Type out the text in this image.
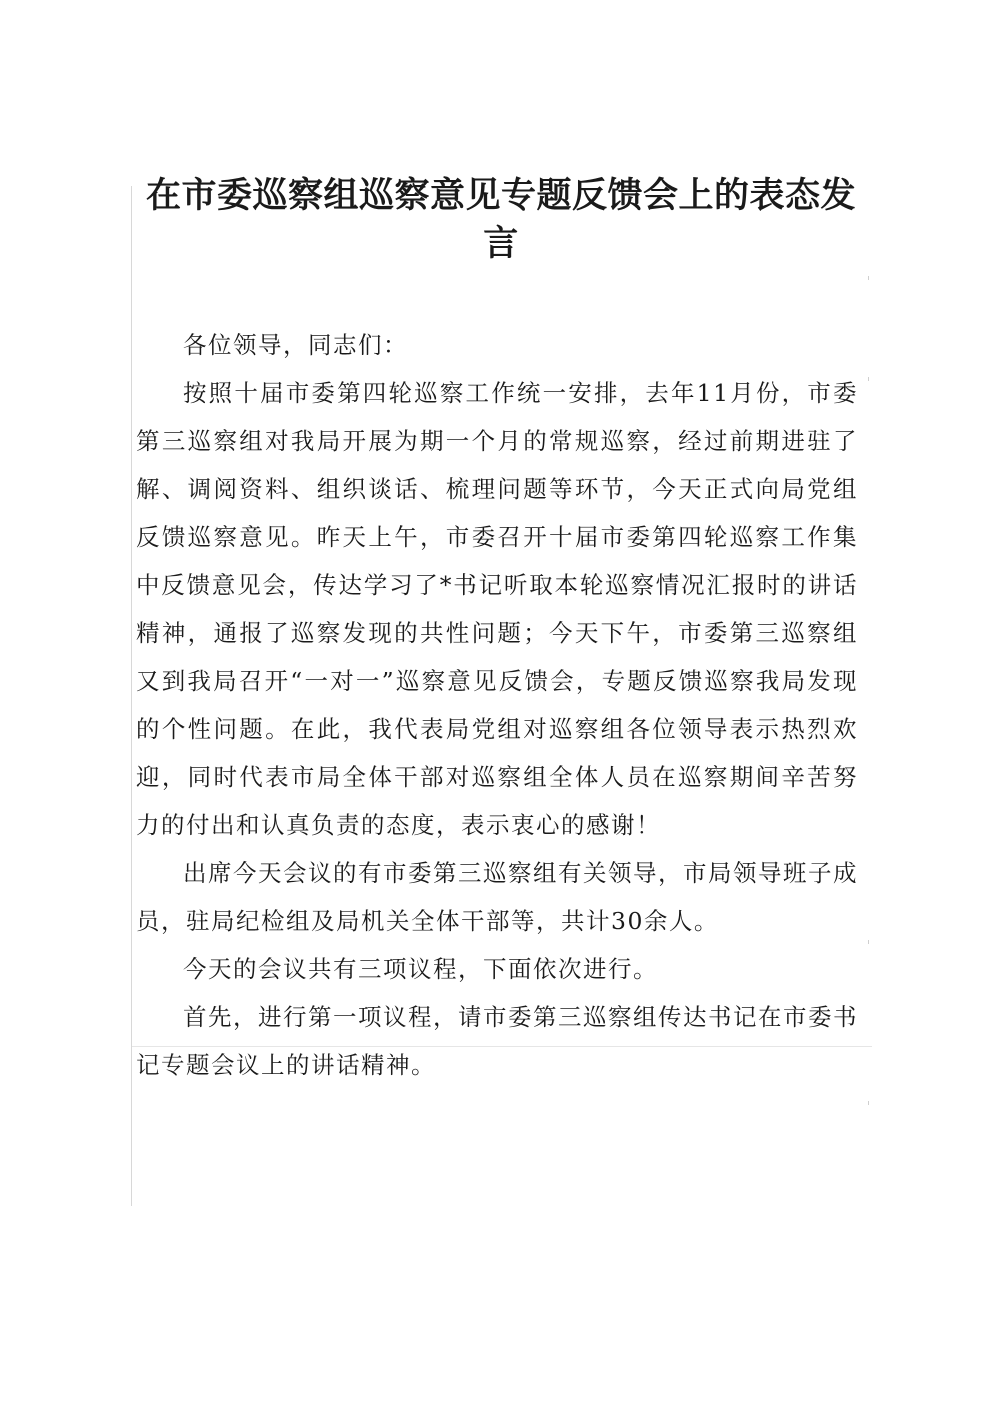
在市委巡察组巡察意见专题反馈会上的表态发言

各位领导，同志们：

按照十届市委第四轮巡察工作统一安排，去年11月份，市委第三巡察组对我局开展为期一个月的常规巡察，经过前期进驻了解、调阅资料、组织谈话、梳理问题等环节，今天正式向局党组反馈巡察意见。昨天上午，市委召开十届市委第四轮巡察工作集中反馈意见会，传达学习了*书记听取本轮巡察情况汇报时的讲话精神，通报了巡察发现的共性问题；今天下午，市委第三巡察组又到我局召开“一对一”巡察意见反馈会，专题反馈巡察我局发现的个性问题。在此，我代表局党组对巡察组各位领导表示热烈欢迎，同时代表市局全体干部对巡察组全体人员在巡察期间辛苦努力的付出和认真负责的态度，表示衷心的感谢！

出席今天会议的有市委第三巡察组有关领导，市局领导班子成员，驻局纪检组及局机关全体干部等，共计30余人。

今天的会议共有三项议程，下面依次进行。

首先，进行第一项议程，请市委第三巡察组传达书记在市委书记专题会议上的讲话精神。
